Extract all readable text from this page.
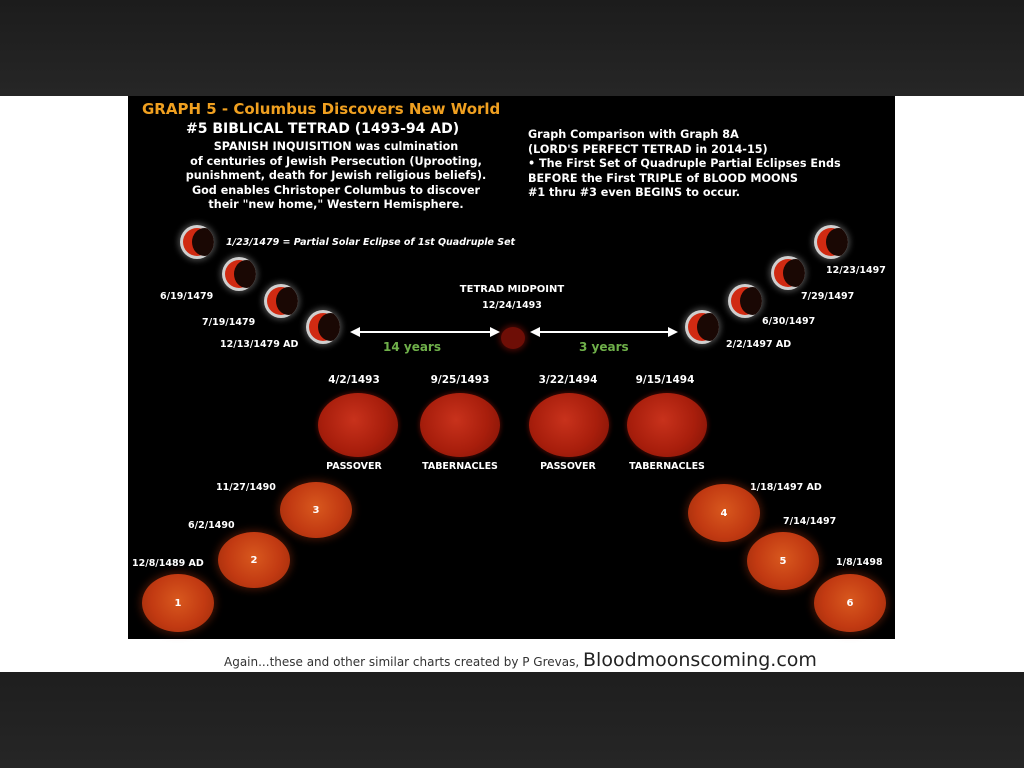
GRAPH 5 - Columbus Discovers New World
#5 BIBLICAL TETRAD (1493-94 AD)
SPANISH INQUISITION was culmination
of centuries of Jewish Persecution (Uprooting,
punishment, death for Jewish religious beliefs).
God enables Christoper Columbus to discover
their "new home," Western Hemisphere.
Graph Comparison with Graph 8A
(LORD'S PERFECT TETRAD in 2014-15)
• The First Set of Quadruple Partial Eclipses Ends
BEFORE the First TRIPLE of BLOOD MOONS
#1 thru #3 even BEGINS to occur.
1/23/1479 = Partial Solar Eclipse of 1st Quadruple Set
6/19/1479
7/19/1479
12/13/1479 AD
12/23/1497
7/29/1497
6/30/1497
2/2/1497 AD
TETRAD MIDPOINT
12/24/1493
14 years	3 years
4/2/1493	9/25/1493	3/22/1494	9/15/1494
PASSOVER	TABERNACLES	PASSOVER	TABERNACLES
11/27/1490
6/2/1490
12/8/1489 AD
3
2
1
1/18/1497 AD
7/14/1497
1/8/1498
4
5
6
Again...these and other similar charts created by P Grevas, Bloodmoonscoming.com
